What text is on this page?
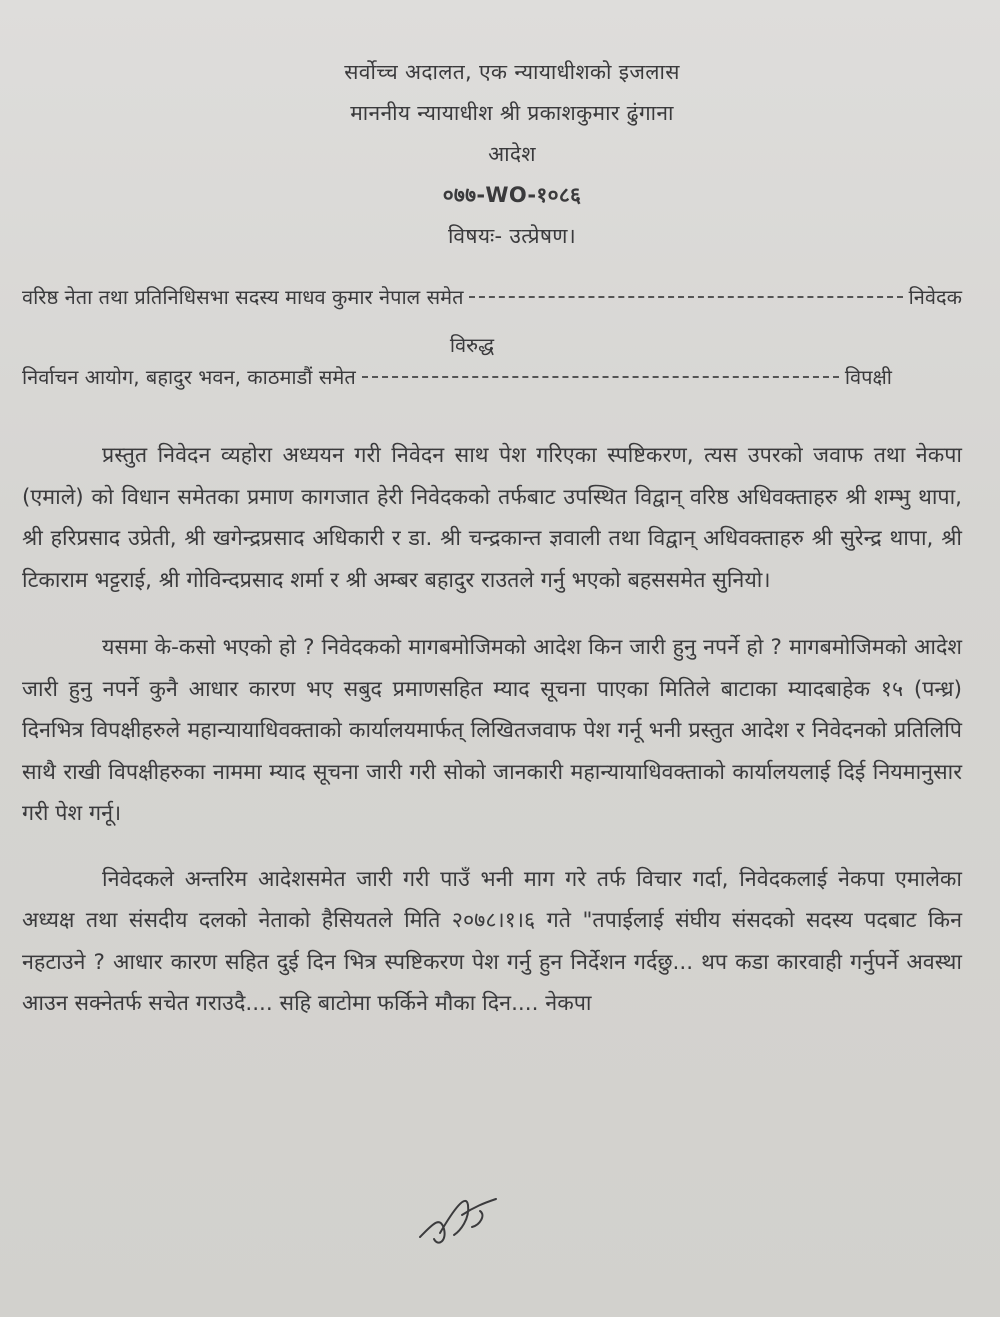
सर्वोच्च अदालत, एक न्यायाधीशको इजलास
माननीय न्यायाधीश श्री प्रकाशकुमार ढुंगाना
आदेश
०७७-WO-१०८६
विषयः- उत्प्रेषण।
वरिष्ठ नेता तथा प्रतिनिधिसभा सदस्य माधव कुमार नेपाल समेत	निवेदक
विरुद्ध
निर्वाचन आयोग, बहादुर भवन, काठमाडौं समेत	विपक्षी

प्रस्तुत निवेदन व्यहोरा अध्ययन गरी निवेदन साथ पेश गरिएका स्पष्टिकरण, त्यस उपरको जवाफ तथा नेकपा (एमाले) को विधान समेतका प्रमाण कागजात हेरी निवेदकको तर्फबाट उपस्थित विद्वान् वरिष्ठ अधिवक्ताहरु श्री शम्भु थापा, श्री हरिप्रसाद उप्रेती, श्री खगेन्द्रप्रसाद अधिकारी र डा. श्री चन्द्रकान्त ज्ञवाली तथा विद्वान् अधिवक्ताहरु श्री सुरेन्द्र थापा, श्री टिकाराम भट्टराई, श्री गोविन्दप्रसाद शर्मा र श्री अम्बर बहादुर राउतले गर्नु भएको बहससमेत सुनियो।

यसमा के-कसो भएको हो ? निवेदकको मागबमोजिमको आदेश किन जारी हुनु नपर्ने हो ? मागबमोजिमको आदेश जारी हुनु नपर्ने कुनै आधार कारण भए सबुद प्रमाणसहित म्याद सूचना पाएका मितिले बाटाका म्यादबाहेक १५ (पन्ध्र) दिनभित्र विपक्षीहरुले महान्यायाधिवक्ताको कार्यालयमार्फत् लिखितजवाफ पेश गर्नू भनी प्रस्तुत आदेश र निवेदनको प्रतिलिपि साथै राखी विपक्षीहरुका नाममा म्याद सूचना जारी गरी सोको जानकारी महान्यायाधिवक्ताको कार्यालयलाई दिई नियमानुसार गरी पेश गर्नू।

निवेदकले अन्तरिम आदेशसमेत जारी गरी पाउँ भनी माग गरे तर्फ विचार गर्दा, निवेदकलाई नेकपा एमालेका अध्यक्ष तथा संसदीय दलको नेताको हैसियतले मिति २०७८।१।६ गते "तपाईलाई संघीय संसदको सदस्य पदबाट किन नहटाउने ? आधार कारण सहित दुई दिन भित्र स्पष्टिकरण पेश गर्नु हुन निर्देशन गर्दछु... थप कडा कारवाही गर्नुपर्ने अवस्था आउन सक्नेतर्फ सचेत गराउदै.... सहि बाटोमा फर्किने मौका दिन.... नेकपा
